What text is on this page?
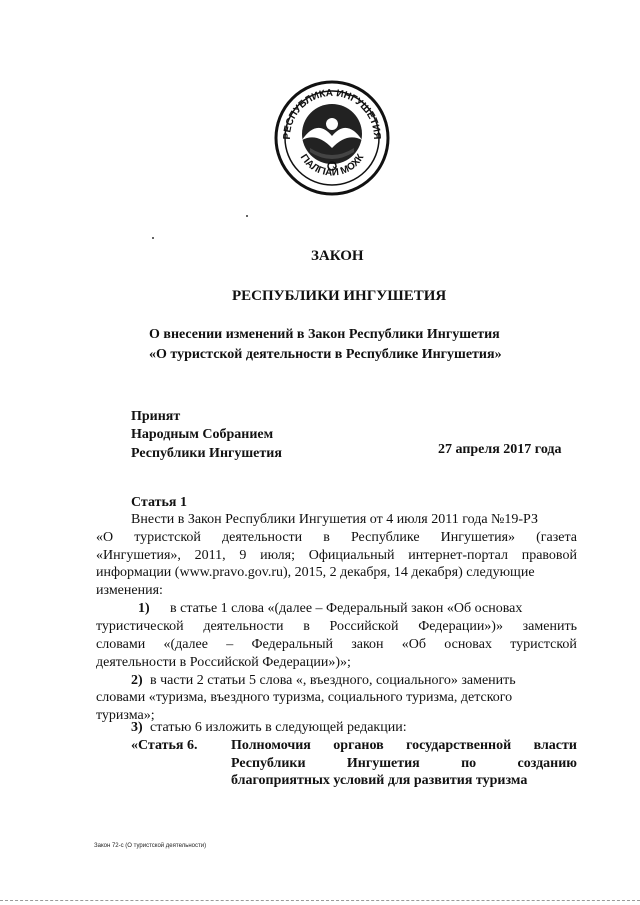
РЕСПУБЛИКА ИНГУШЕТИЯ
ГIАЛГIАЙ МОХК
ЗАКОН
РЕСПУБЛИКИ ИНГУШЕТИЯ
О внесении изменений в Закон Республики Ингушетия
«О туристской деятельности в Республике Ингушетия»
Принят
Народным Собранием
Республики Ингушетия	27 апреля 2017 года
Статья 1
Внести в Закон Республики Ингушетия от 4 июля 2011 года №19-РЗ
«О туристской деятельности в Республике Ингушетия» (газета
«Ингушетия», 2011, 9 июля; Официальный интернет-портал правовой
информации (www.pravo.gov.ru), 2015, 2 декабря, 14 декабря) следующие
изменения:
1) в статье 1 слова «(далее – Федеральный закон «Об основах
туристической деятельности в Российской Федерации»)» заменить
словами «(далее – Федеральный закон «Об основах туристской
деятельности в Российской Федерации»)»;
2) в части 2 статьи 5 слова «, въездного, социального» заменить
словами «туризма, въездного туризма, социального туризма, детского
туризма»;
3) статью 6 изложить в следующей редакции:
«Статья 6. Полномочия органов государственной власти
Республики	Ингушетия	по	созданию
благоприятных условий для развития туризма
Закон 72-с (О туристской деятельности)
